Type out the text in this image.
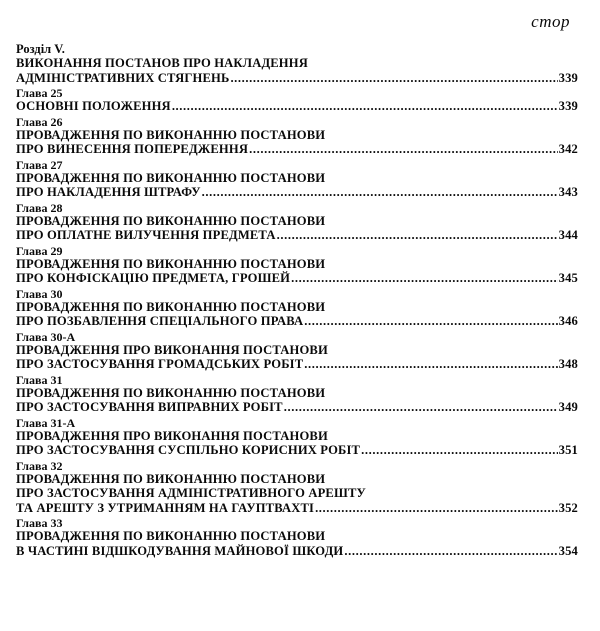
стор
Розділ V.
ВИКОНАННЯ ПОСТАНОВ ПРО НАКЛАДЕННЯ
АДМІНІСТРАТИВНИХ СТЯГНЕНЬ .....	339
Глава 25
ОСНОВНІ ПОЛОЖЕННЯ .....	339
Глава 26
ПРОВАДЖЕННЯ ПО ВИКОНАННЮ ПОСТАНОВИ
ПРО ВИНЕСЕННЯ ПОПЕРЕДЖЕННЯ .....	342
Глава 27
ПРОВАДЖЕННЯ ПО ВИКОНАННЮ ПОСТАНОВИ
ПРО НАКЛАДЕННЯ ШТРАФУ .....	343
Глава 28
ПРОВАДЖЕННЯ ПО ВИКОНАННЮ ПОСТАНОВИ
ПРО ОПЛАТНЕ ВИЛУЧЕННЯ ПРЕДМЕТА .....	344
Глава 29
ПРОВАДЖЕННЯ ПО ВИКОНАННЮ ПОСТАНОВИ
ПРО КОНФІСКАЦІЮ ПРЕДМЕТА, ГРОШЕЙ .....	345
Глава 30
ПРОВАДЖЕННЯ ПО ВИКОНАННЮ ПОСТАНОВИ
ПРО ПОЗБАВЛЕННЯ СПЕЦІАЛЬНОГО ПРАВА .....	346
Глава 30-А
ПРОВАДЖЕННЯ ПРО ВИКОНАННЯ ПОСТАНОВИ
ПРО ЗАСТОСУВАННЯ ГРОМАДСЬКИХ РОБІТ .....	348
Глава 31
ПРОВАДЖЕННЯ ПО ВИКОНАННЮ ПОСТАНОВИ
ПРО ЗАСТОСУВАННЯ ВИПРАВНИХ РОБІТ .....	349
Глава 31-А
ПРОВАДЖЕННЯ ПРО ВИКОНАННЯ ПОСТАНОВИ
ПРО ЗАСТОСУВАННЯ СУСПІЛЬНО КОРИСНИХ РОБІТ .....	351
Глава 32
ПРОВАДЖЕННЯ ПО ВИКОНАННЮ ПОСТАНОВИ
ПРО ЗАСТОСУВАННЯ АДМІНІСТРАТИВНОГО АРЕШТУ
ТА АРЕШТУ З УТРИМАННЯМ НА ГАУПТВАХТІ .....	352
Глава 33
ПРОВАДЖЕННЯ ПО ВИКОНАННЮ ПОСТАНОВИ
В ЧАСТИНІ ВІДШКОДУВАННЯ МАЙНОВОЇ ШКОДИ .....	354
